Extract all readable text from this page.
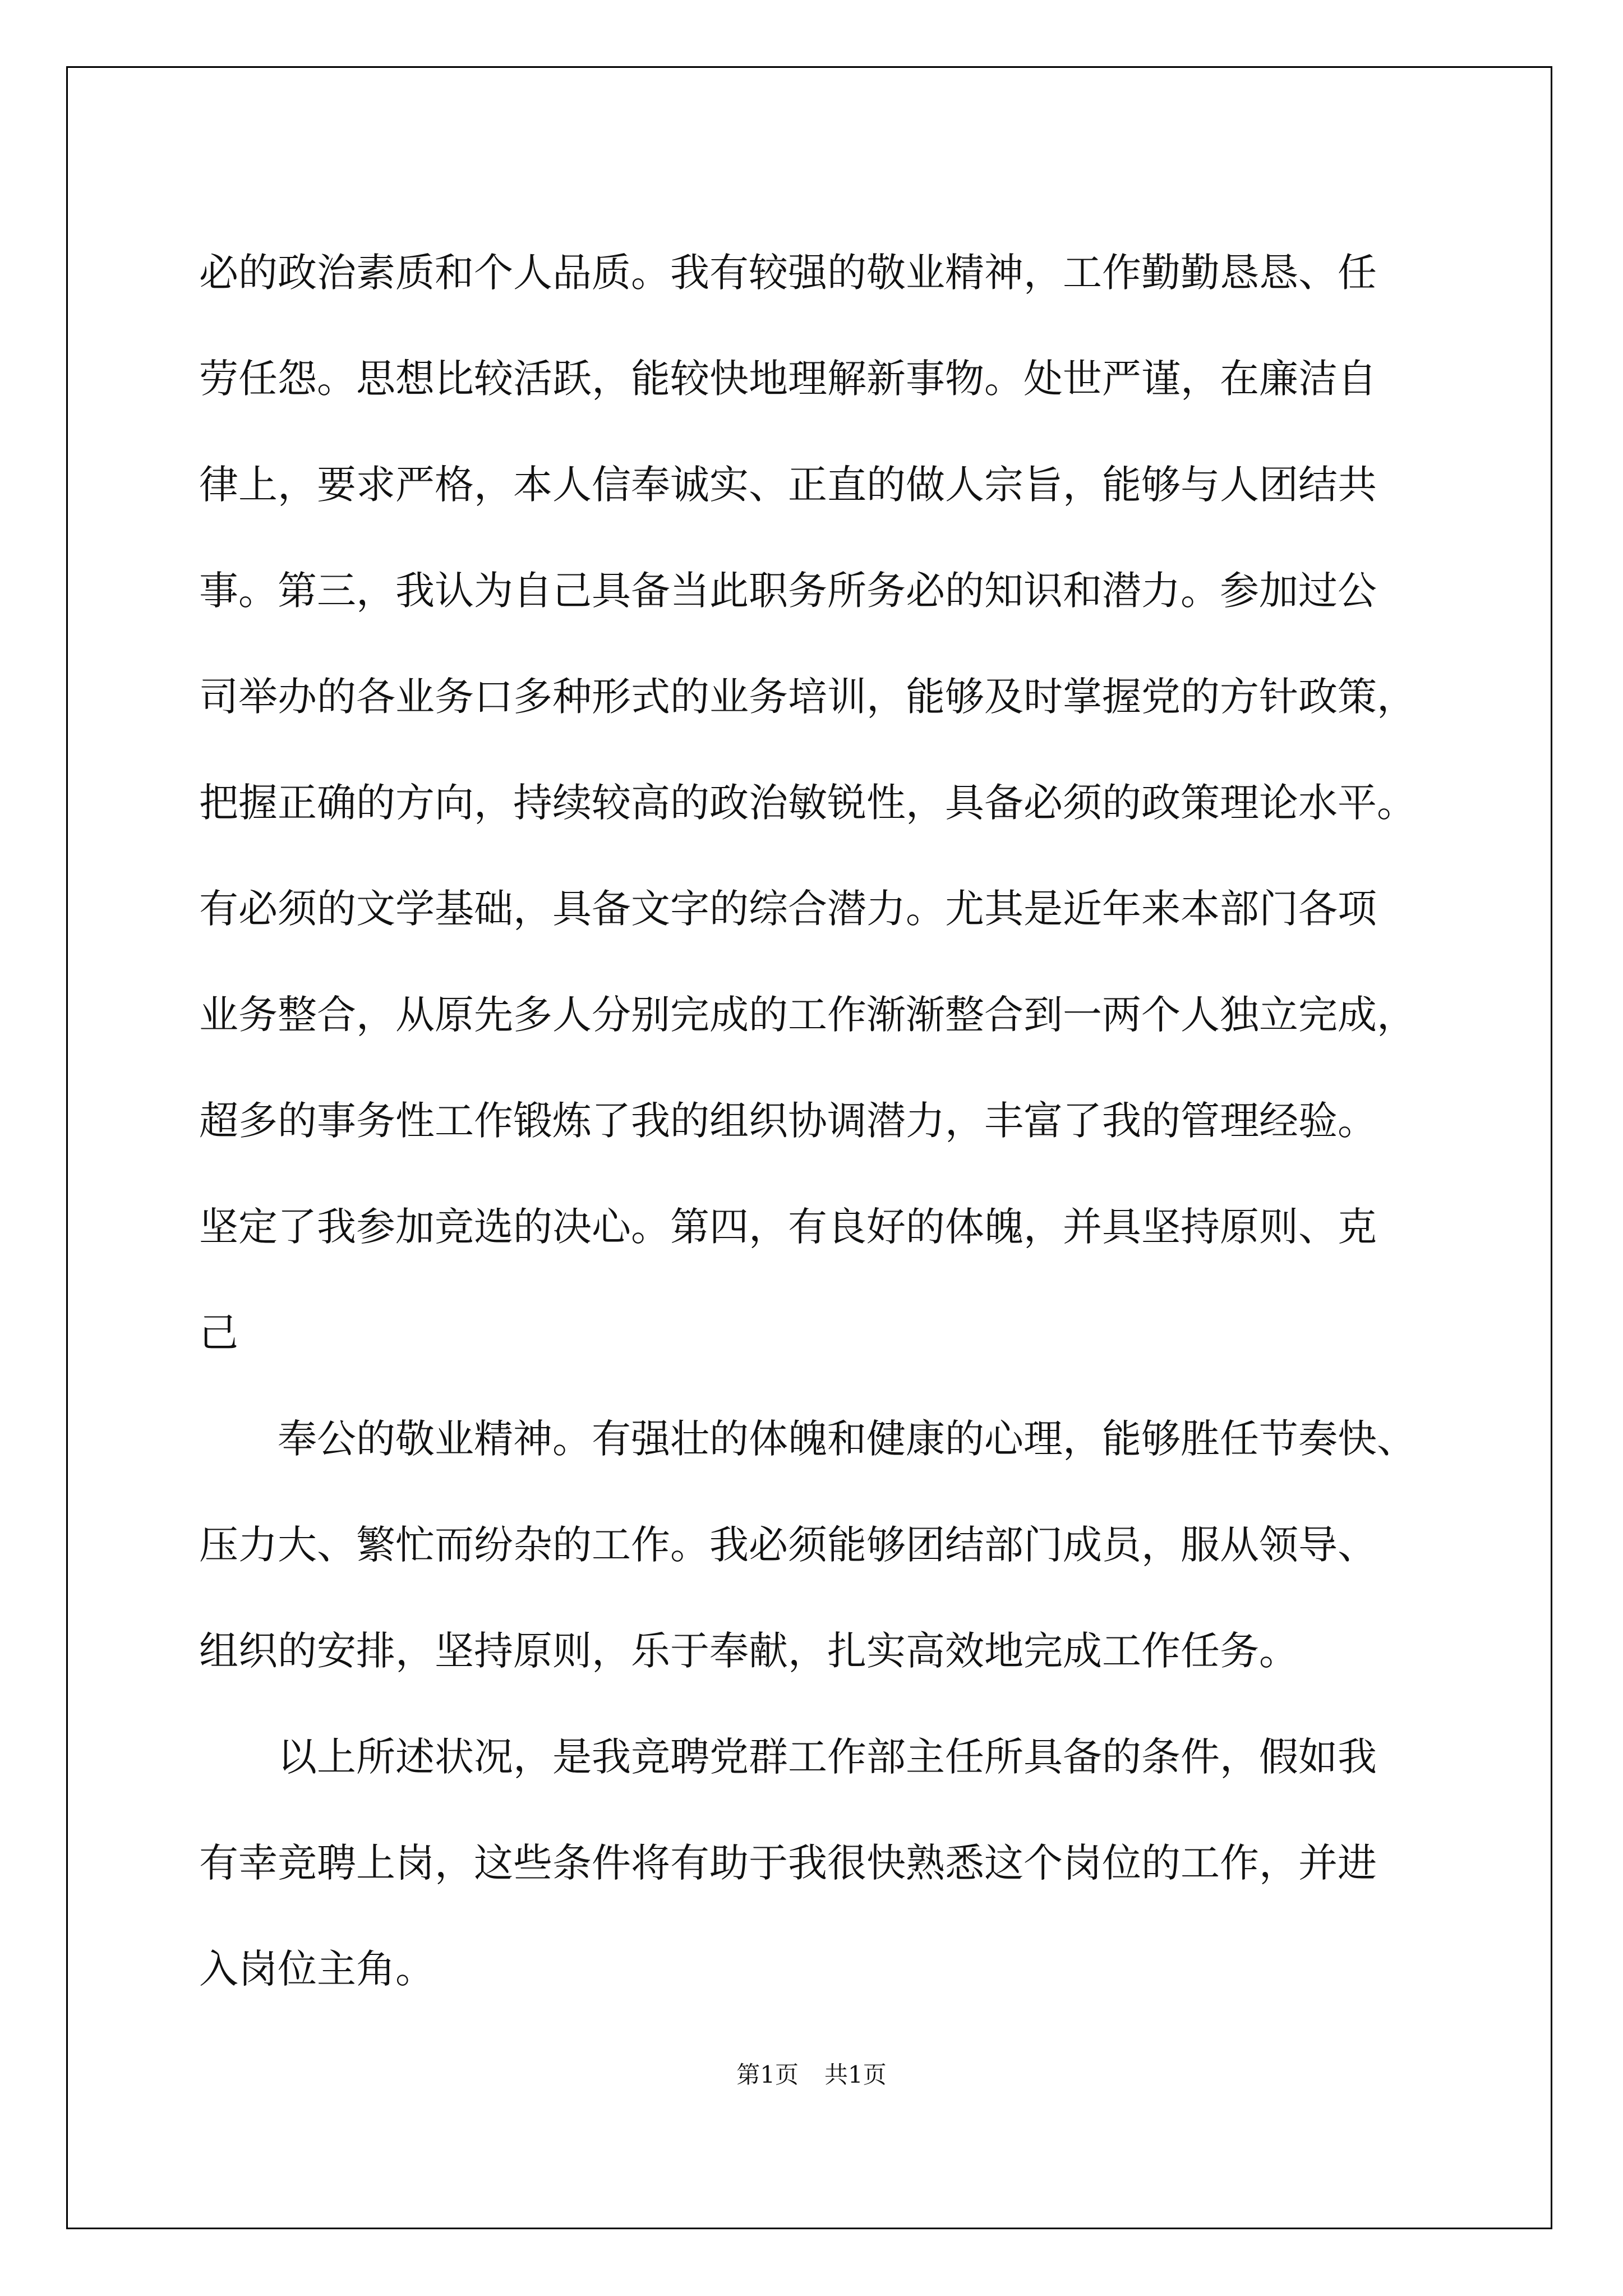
必的政治素质和个人品质。我有较强的敬业精神，工作勤勤恳恳、任
劳任怨。思想比较活跃，能较快地理解新事物。处世严谨，在廉洁自
律上，要求严格，本人信奉诚实、正直的做人宗旨，能够与人团结共
事。第三，我认为自己具备当此职务所务必的知识和潜力。参加过公
司举办的各业务口多种形式的业务培训，能够及时掌握党的方针政策，
把握正确的方向，持续较高的政治敏锐性，具备必须的政策理论水平。
有必须的文学基础，具备文字的综合潜力。尤其是近年来本部门各项
业务整合，从原先多人分别完成的工作渐渐整合到一两个人独立完成，
超多的事务性工作锻炼了我的组织协调潜力，丰富了我的管理经验。
坚定了我参加竞选的决心。第四，有良好的体魄，并具坚持原则、克
己
奉公的敬业精神。有强壮的体魄和健康的心理，能够胜任节奏快、
压力大、繁忙而纷杂的工作。我必须能够团结部门成员，服从领导、
组织的安排，坚持原则，乐于奉献，扎实高效地完成工作任务。
以上所述状况，是我竞聘党群工作部主任所具备的条件，假如我
有幸竞聘上岗，这些条件将有助于我很快熟悉这个岗位的工作，并进
入岗位主角。
第1页 共1页
